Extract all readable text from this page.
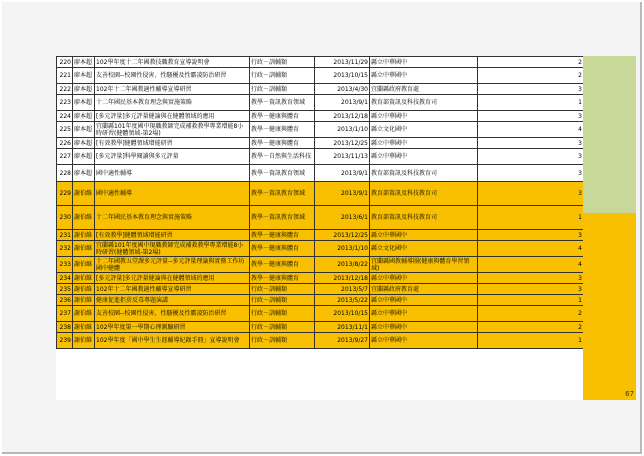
220	廖本超	102學年度十二年國教技職教育宣導說明會	行政－訓輔類	2013/11/29	縣立中華國中	2
221	廖本超	友善校園--校園性侵害、性騷擾及性霸凌防治研習	行政－訓輔類	2013/10/15	縣立中華國中	2
222	廖本超	102年十二年國教適性輔導宣導研習	行政－訓輔類	2013/4/30	宜蘭縣政府教育處	3
223	廖本超	十二年國民基本教育理念與實施策略	教學－資訊教育領域	2013/9/1	教育部資訊及科技教育司	1
224	廖本超	[多元評量]多元評量健論與在健體領域的應用	教學－健康與體育	2013/12/18	縣立中華國中	3
225	廖本超	宜蘭縣101年度國中現職教師完成補救教學專業增能8小時研習(健體領域-第2場)	教學－健康與體育	2013/1/10	縣立文化國中	4
226	廖本超	[有效教學]健體領域增能研習	教學－健康與體育	2013/12/25	縣立中華國中	3
227	廖本超	[多元評量]科學閱讀與多元評量	教學－自然與生活科技	2013/11/13	縣立中華國中	3
228	廖本超	國中適性輔導	教學－資訊教育領域	2013/9/1	教育部資訊及科技教育司	3
229	謝伯維	國中適性輔導	教學－資訊教育領域	2013/9/1	教育部資訊及科技教育司	3
230	謝伯維	十二年國民基本教育理念與實施策略	教學－資訊教育領域	2013/6/1	教育部資訊及科技教育司	1
231	謝伯維	[有效教學]健體領域增能研習	教學－健康與體育	2013/12/25	縣立中華國中	3
232	謝伯維	宜蘭縣101年度國中現職教師完成補救教學專業增能8小時研習(健體領域-第2場)	教學－健康與體育	2013/1/10	縣立文化國中	4
233	謝伯維	十二年國教五堂課多元評量--多元評量理論與實務工作坊 國中健體	教學－健康與體育	2013/8/22	宜蘭縣國教輔導團(健康與體育學習領域)	4
234	謝伯維	[多元評量]多元評量健論與在健體領域的應用	教學－健康與體育	2013/12/18	縣立中華國中	3
235	謝伯維	102年十二年國教適性輔導宣導研習	行政－訓輔類	2013/5/7	宜蘭縣政府教育處	3
236	謝伯維	健康促進拒菸反毒專題演講	行政－訓輔類	2013/5/22	縣立中華國中	1
237	謝伯維	友善校園--校園性侵害、性騷擾及性霸凌防治研習	行政－訓輔類	2013/10/15	縣立中華國中	2
238	謝伯維	102學年度第一學期心理測驗研習	行政－訓輔類	2013/11/1	縣立中華國中	2
239	謝伯維	102學年度「國中學生生涯輔導紀錄手冊」宣導說明會	行政－訓輔類	2013/9/27	縣立中華國中	1
67
